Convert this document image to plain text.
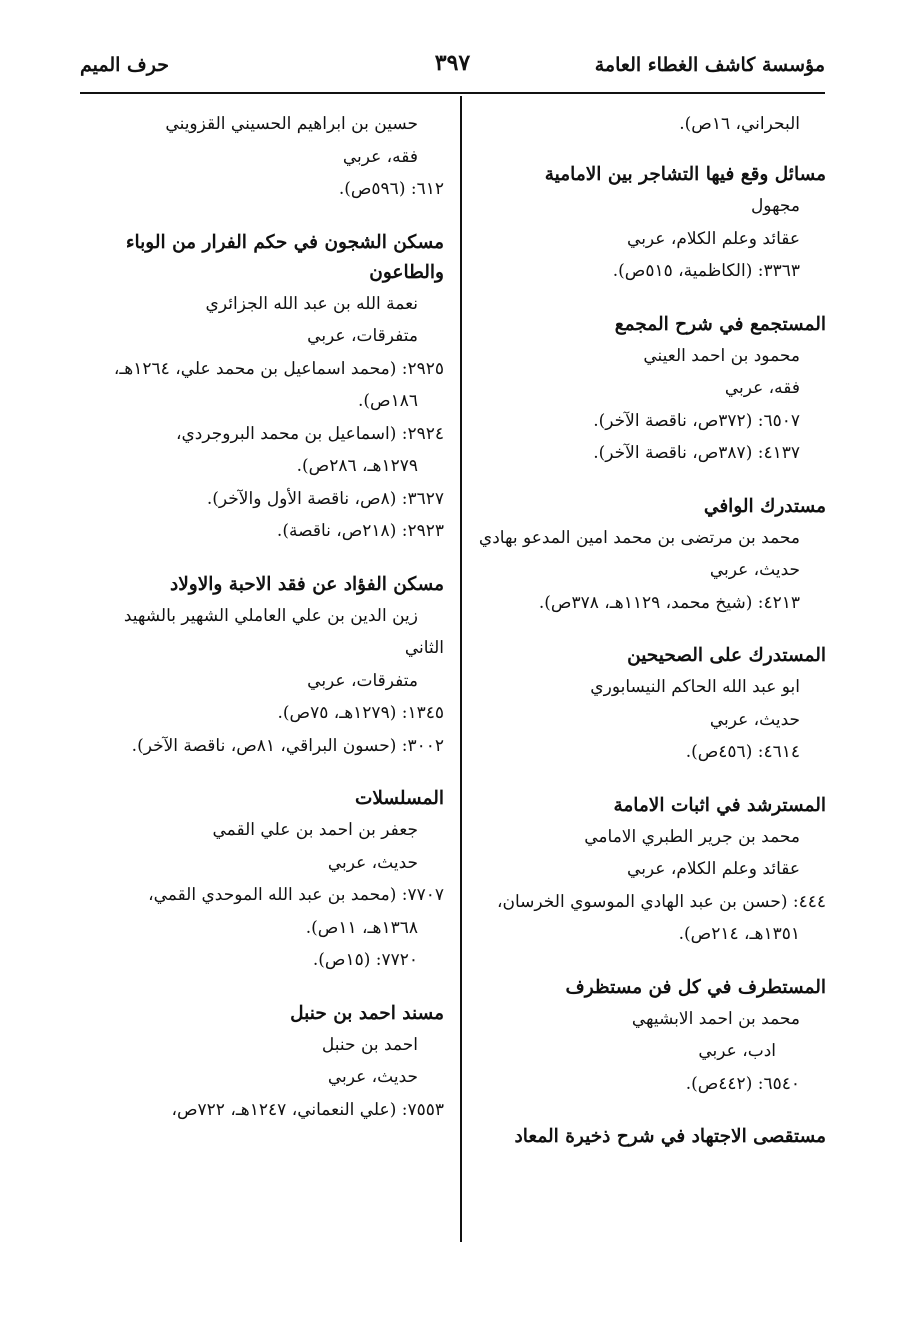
مؤسسة كاشف الغطاء العامة
٣٩٧
حرف الميم
البحراني، ١٦ص).
مسائل وقع فيها التشاجر بين الامامية
مجهول
عقائد وعلم الكلام، عربي
٣٣٦٣: (الكاظمية، ٥١٥ص).
المستجمع في شرح المجمع
محمود بن احمد العيني
فقه، عربي
٦٥٠٧: (٣٧٢ص، ناقصة الآخر).
٤١٣٧: (٣٨٧ص، ناقصة الآخر).
مستدرك الوافي
محمد بن مرتضى بن محمد امين المدعو بهادي
حديث، عربي
٤٢١٣: (شيخ محمد، ١١٢٩هـ، ٣٧٨ص).
المستدرك على الصحيحين
ابو عبد الله الحاكم النيسابوري
حديث، عربي
٤٦١٤: (٤٥٦ص).
المسترشد في اثبات الامامة
محمد بن جرير الطبري الامامي
عقائد وعلم الكلام، عربي
٤٤٤: (حسن بن عبد الهادي الموسوي الخرسان،
١٣٥١هـ، ٢١٤ص).
المستطرف في كل فن مستظرف
محمد بن احمد الابشيهي
ادب، عربي
٦٥٤٠: (٤٤٢ص).
مستقصى الاجتهاد في شرح ذخيرة المعاد
حسين بن ابراهيم الحسيني القزويني
فقه، عربي
٦١٢: (٥٩٦ص).
مسكن الشجون في حكم الفرار من الوباء والطاعون
نعمة الله بن عبد الله الجزائري
متفرقات، عربي
٢٩٢٥: (محمد اسماعيل بن محمد علي، ١٢٦٤هـ،
١٨٦ص).
٢٩٢٤: (اسماعيل بن محمد البروجردي،
١٢٧٩هـ، ٢٨٦ص).
٣٦٢٧: (٨ص، ناقصة الأول والآخر).
٢٩٢٣: (٢١٨ص، ناقصة).
مسكن الفؤاد عن فقد الاحبة والاولاد
زين الدين بن علي العاملي الشهير بالشهيد
الثاني
متفرقات، عربي
١٣٤٥: (١٢٧٩هـ، ٧٥ص).
٣٠٠٢: (حسون البراقي، ٨١ص، ناقصة الآخر).
المسلسلات
جعفر بن احمد بن علي القمي
حديث، عربي
٧٧٠٧: (محمد بن عبد الله الموحدي القمي،
١٣٦٨هـ، ١١ص).
٧٧٢٠: (١٥ص).
مسند احمد بن حنبل
احمد بن حنبل
حديث، عربي
٧٥٥٣: (علي النعماني، ١٢٤٧هـ، ٧٢٢ص،
